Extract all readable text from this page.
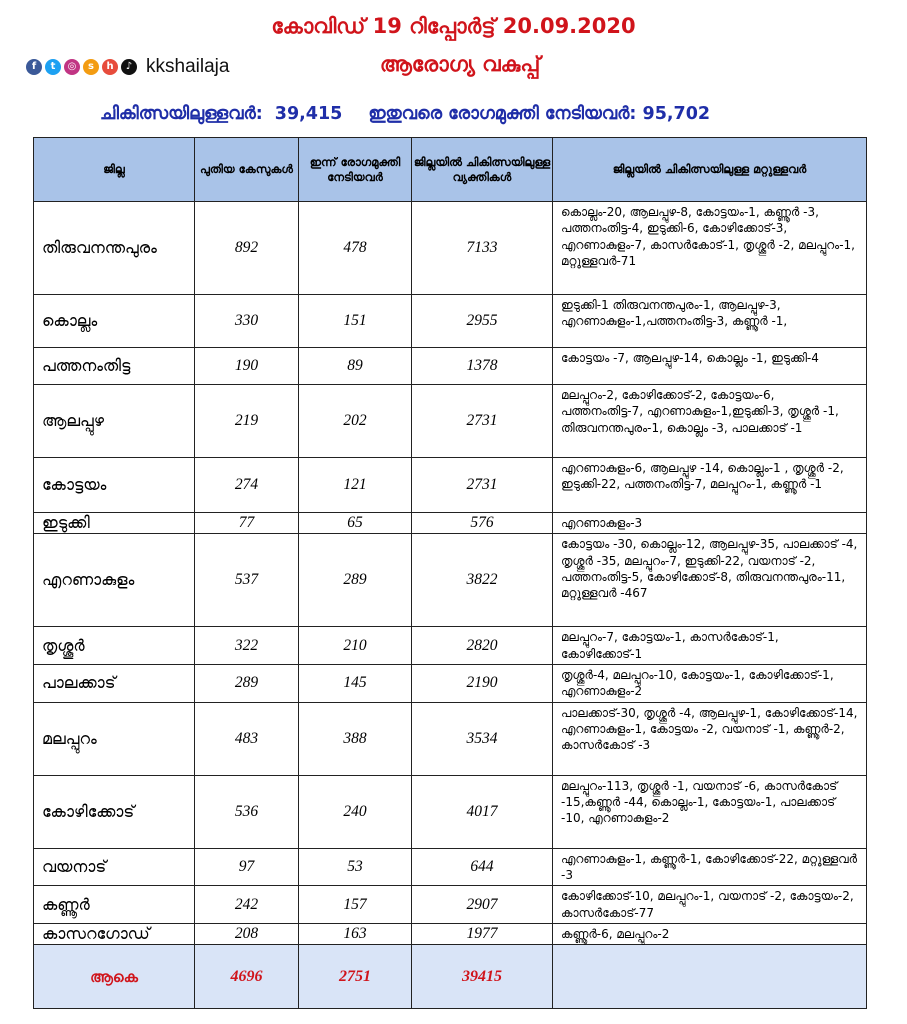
കോവിഡ് 19 റിപ്പോർട്ട് 20.09.2020
ആരോഗ്യ വകുപ്പ്
f	t	◎	s	h	♪ kkshailaja
ചികിത്സയിലുള്ളവർ: 39,415 ഇതുവരെ രോഗമുക്തി നേടിയവർ: 95,702
ജില്ല	പുതിയ കേസുകൾ	ഇന്ന് രോഗമുക്തി നേടിയവർ	ജില്ലയിൽ ചികിത്സയിലുള്ള വ്യക്തികൾ	ജില്ലയിൽ ചികിത്സയിലുള്ള മറ്റുള്ളവർ
തിരുവനന്തപുരം	892	478	7133	കൊല്ലം-20, ആലപ്പുഴ-8, കോട്ടയം-1, കണ്ണൂർ -3, പത്തനംതിട്ട-4, ഇടുക്കി-6, കോഴിക്കോട്-3, എറണാകുളം-7, കാസർകോട്-1, തൃശ്ശൂർ -2, മലപ്പുറം-1, മറ്റുള്ളവർ-71
കൊല്ലം	330	151	2955	ഇടുക്കി-1 തിരുവനന്തപുരം-1, ആലപ്പുഴ-3, എറണാകുളം-1,പത്തനംതിട്ട-3, കണ്ണൂർ -1,
പത്തനംതിട്ട	190	89	1378	കോട്ടയം -7, ആലപ്പുഴ-14, കൊല്ലം -1, ഇടുക്കി-4
ആലപ്പുഴ	219	202	2731	മലപ്പുറം-2, കോഴിക്കോട്-2, കോട്ടയം-6, പത്തനംതിട്ട-7, എറണാകുളം-1,ഇടുക്കി-3, തൃശ്ശൂർ -1, തിരുവനന്തപുരം-1, കൊല്ലം -3, പാലക്കാട് -1
കോട്ടയം	274	121	2731	എറണാകുളം-6, ആലപ്പുഴ -14, കൊല്ലം-1 , തൃശ്ശൂർ -2, ഇടുക്കി-22, പത്തനംതിട്ട-7, മലപ്പുറം-1, കണ്ണൂർ -1
ഇടുക്കി	77	65	576	എറണാകുളം-3
എറണാകുളം	537	289	3822	കോട്ടയം -30, കൊല്ലം-12, ആലപ്പുഴ-35, പാലക്കാട് -4, തൃശ്ശൂർ -35, മലപ്പുറം-7, ഇടുക്കി-22, വയനാട് -2, പത്തനംതിട്ട-5, കോഴിക്കോട്-8, തിരുവനന്തപുരം-11, മറ്റുള്ളവർ -467
തൃശ്ശൂർ	322	210	2820	മലപ്പുറം-7, കോട്ടയം-1, കാസർകോട്-1, കോഴിക്കോട്-1
പാലക്കാട്	289	145	2190	തൃശ്ശൂർ-4, മലപ്പുറം-10, കോട്ടയം-1, കോഴിക്കോട്-1, എറണാകുളം-2
മലപ്പുറം	483	388	3534	പാലക്കാട്-30, തൃശ്ശൂർ -4, ആലപ്പുഴ-1, കോഴിക്കോട്-14, എറണാകുളം-1, കോട്ടയം -2, വയനാട് -1, കണ്ണൂർ-2, കാസർകോട് -3
കോഴിക്കോട്	536	240	4017	മലപ്പുറം-113, തൃശ്ശൂർ -1, വയനാട് -6, കാസർകോട് -15,കണ്ണൂർ -44, കൊല്ലം-1, കോട്ടയം-1, പാലക്കാട് -10, എറണാകുളം-2
വയനാട്	97	53	644	എറണാകുളം-1, കണ്ണൂർ-1, കോഴിക്കോട്-22, മറ്റുള്ളവർ -3
കണ്ണൂർ	242	157	2907	കോഴിക്കോട്-10, മലപ്പുറം-1, വയനാട് -2, കോട്ടയം-2, കാസർകോട്-77
കാസറഗോഡ്	208	163	1977	കണ്ണൂർ-6, മലപ്പുറം-2
ആകെ	4696	2751	39415	
